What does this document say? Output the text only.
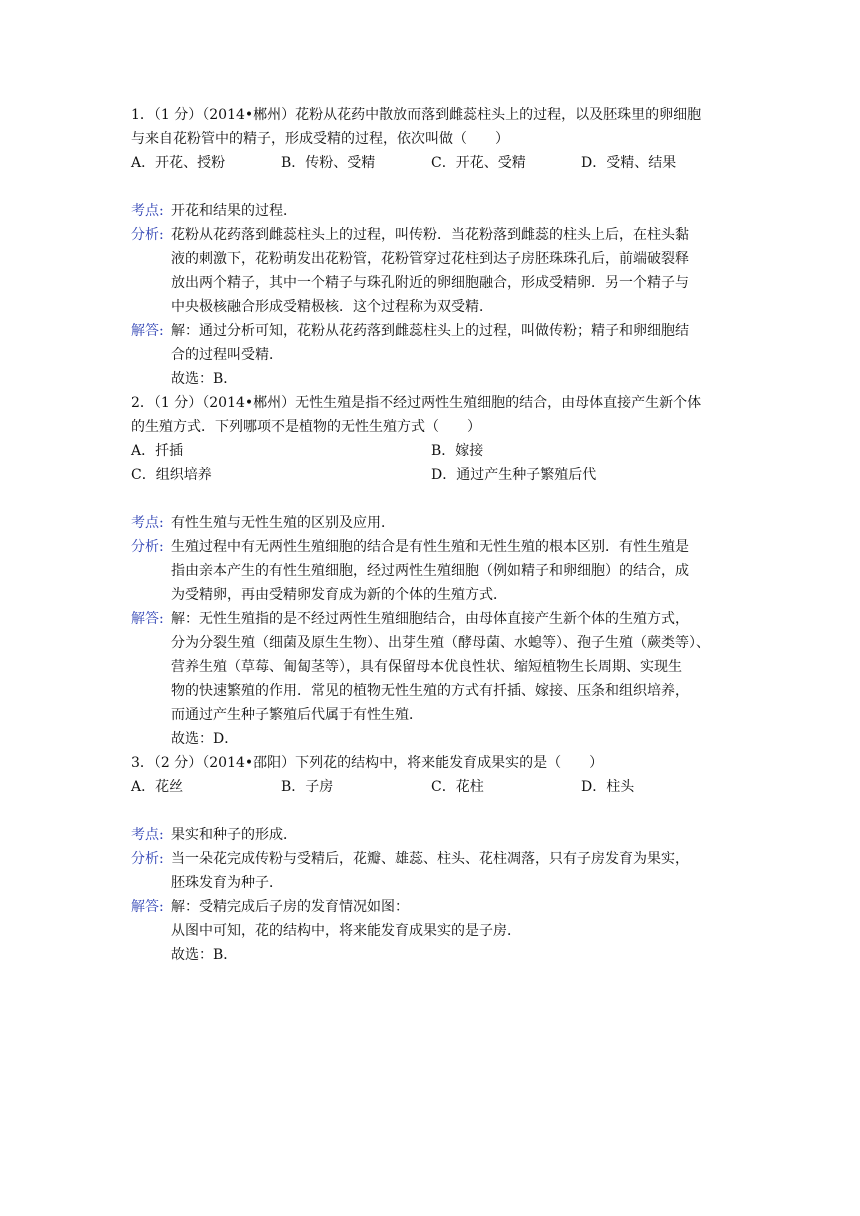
1．（1 分）（2014•郴州）花粉从花药中散放而落到雌蕊柱头上的过程，以及胚珠里的卵细胞

与来自花粉管中的精子，形成受精的过程，依次叫做（　　）

A．开花、授粉	B．传粉、受精	C．开花、受精	D．受精、结果
考点: 开花和结果的过程．

分析: 花粉从花药落到雌蕊柱头上的过程，叫传粉．当花粉落到雌蕊的柱头上后，在柱头黏

液的刺激下，花粉萌发出花粉管，花粉管穿过花柱到达子房胚珠珠孔后，前端破裂释

放出两个精子，其中一个精子与珠孔附近的卵细胞融合，形成受精卵．另一个精子与

中央极核融合形成受精极核．这个过程称为双受精．

解答: 解：通过分析可知，花粉从花药落到雌蕊柱头上的过程，叫做传粉；精子和卵细胞结

合的过程叫受精．

故选：B．

2．（1 分）（2014•郴州）无性生殖是指不经过两性生殖细胞的结合，由母体直接产生新个体

的生殖方式．下列哪项不是植物的无性生殖方式（　　）

A．扦插	B．嫁接
C．组织培养	D．通过产生种子繁殖后代
考点: 有性生殖与无性生殖的区别及应用．

分析: 生殖过程中有无两性生殖细胞的结合是有性生殖和无性生殖的根本区别．有性生殖是

指由亲本产生的有性生殖细胞，经过两性生殖细胞（例如精子和卵细胞）的结合，成

为受精卵，再由受精卵发育成为新的个体的生殖方式．

解答: 解：无性生殖指的是不经过两性生殖细胞结合，由母体直接产生新个体的生殖方式，

分为分裂生殖（细菌及原生生物）、出芽生殖（酵母菌、水螅等）、孢子生殖（蕨类等）、

营养生殖（草莓、匍匐茎等），具有保留母本优良性状、缩短植物生长周期、实现生

物的快速繁殖的作用．常见的植物无性生殖的方式有扦插、嫁接、压条和组织培养，

而通过产生种子繁殖后代属于有性生殖．

故选：D．

3．（2 分）（2014•邵阳）下列花的结构中，将来能发育成果实的是（　　）

A．花丝	B．子房	C．花柱	D．柱头
考点: 果实和种子的形成．

分析: 当一朵花完成传粉与受精后，花瓣、雄蕊、柱头、花柱凋落，只有子房发育为果实，

胚珠发育为种子．

解答: 解：受精完成后子房的发育情况如图：

从图中可知，花的结构中，将来能发育成果实的是子房．

故选：B．
